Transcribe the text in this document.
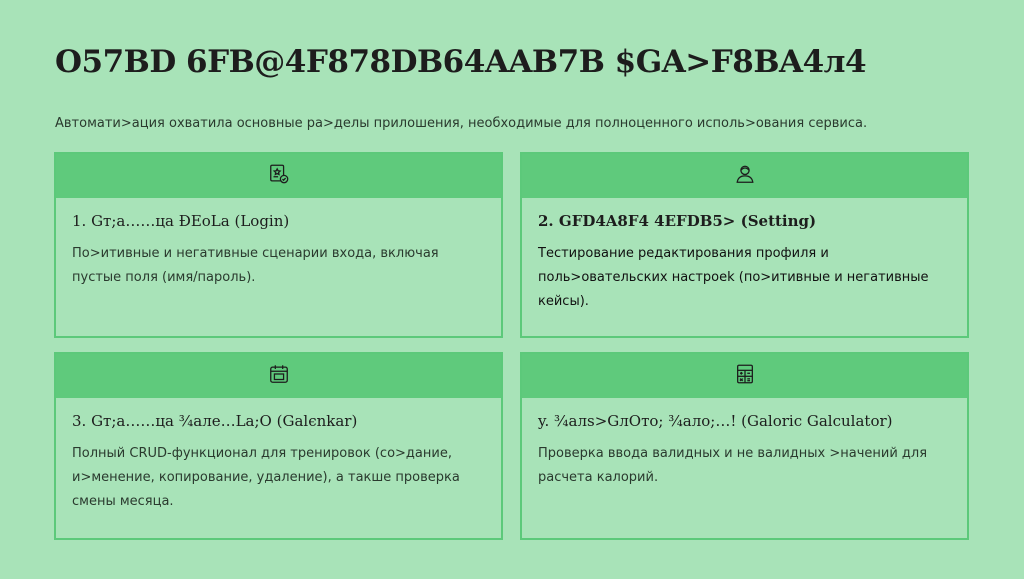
O57BD 6FB@4F878DB64AAB7B $GA>F8BA4л4
Автомати>ация охватила основные ра>делы прилошения, необходимые для полноценного исполь>ования сервиса.
1. Gт;а……ца ĐЕоLa (Login)
По>итивные и негативные сценарии входа, включая пустые поля (имя/пароль).
2. GFD4A8F4 4EFDB5> (Setting)
Тестирование редактирования профиля и поль>овательских настроеk (по>итивные и негативные кейсы).
3. Gт;а……ца ¾але…La;O (Galєnkar)
Полный CRUD-функционал для тренировок (со>дание, и>менение, копирование, удаление), а такше проверка смены месяца.
y. ¾алѕ>GлОто; ¾ало;…! (Galoric Galculator)
Проверка ввода валидных и не валидных >начений для расчета калорий.
